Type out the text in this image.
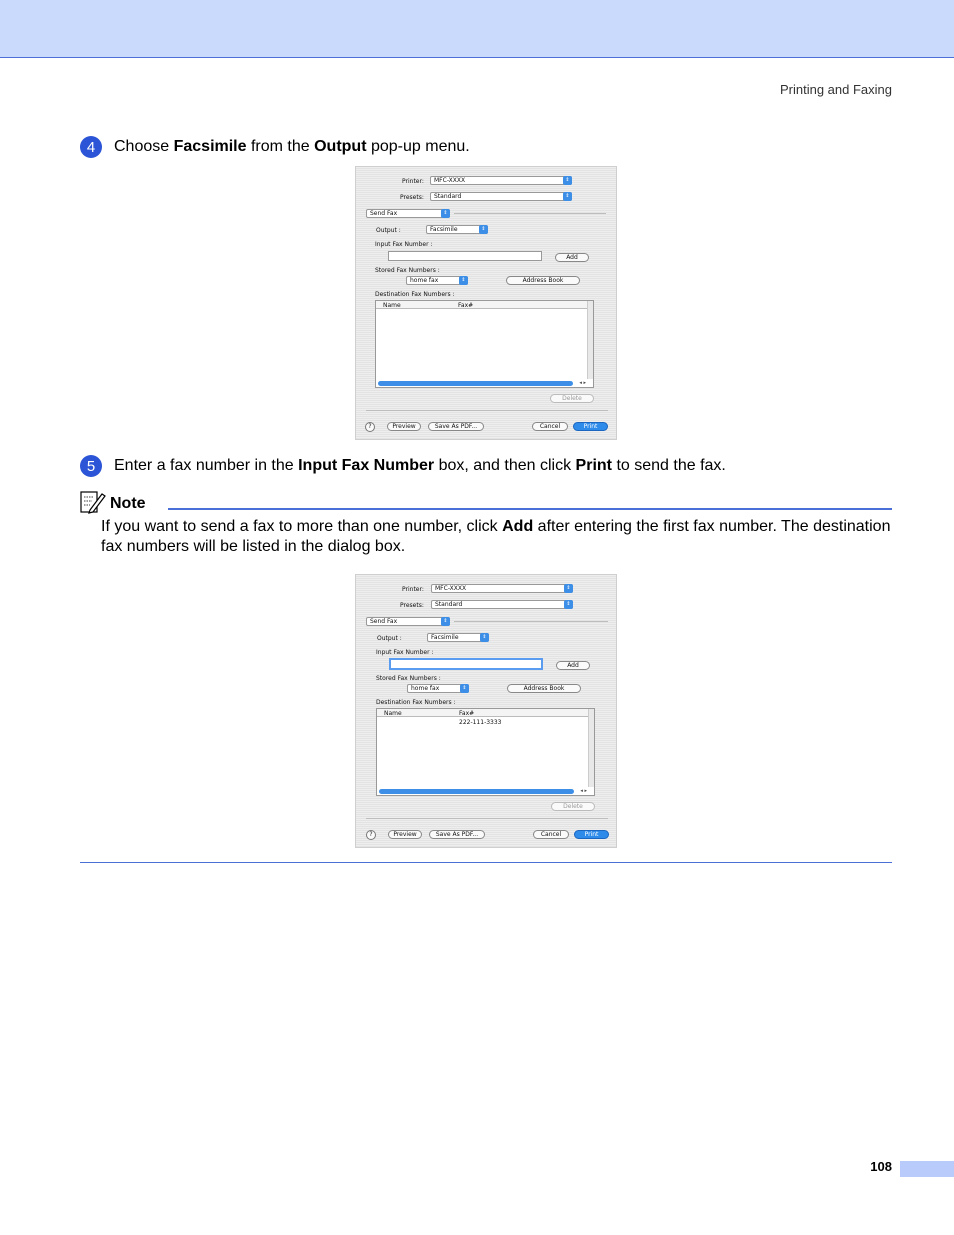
Printing and Faxing
4	Choose Facsimile from the Output pop-up menu.
Printer:	MFC-XXXX	⇕
Presets:	Standard	⇕
Send Fax	⇕
Output :	Facsimile	⇕
Input Fax Number :
Add
Stored Fax Numbers :
home fax	⇕	Address Book
Destination Fax Numbers :
Name	Fax#
◂ ▸
Delete
?	Preview	Save As PDF...	Cancel	Print
5	Enter a fax number in the Input Fax Number box, and then click Print to send the fax.
Note
If you want to send a fax to more than one number, click Add after entering the first fax number. The destination fax numbers will be listed in the dialog box.
Printer:	MFC-XXXX	⇕
Presets:	Standard	⇕
Send Fax	⇕
Output :	Facsimile	⇕
Input Fax Number :
Add
Stored Fax Numbers :
home fax	⇕	Address Book
Destination Fax Numbers :
Name	Fax#
222-111-3333
◂ ▸
Delete
?	Preview	Save As PDF...	Cancel	Print
108
